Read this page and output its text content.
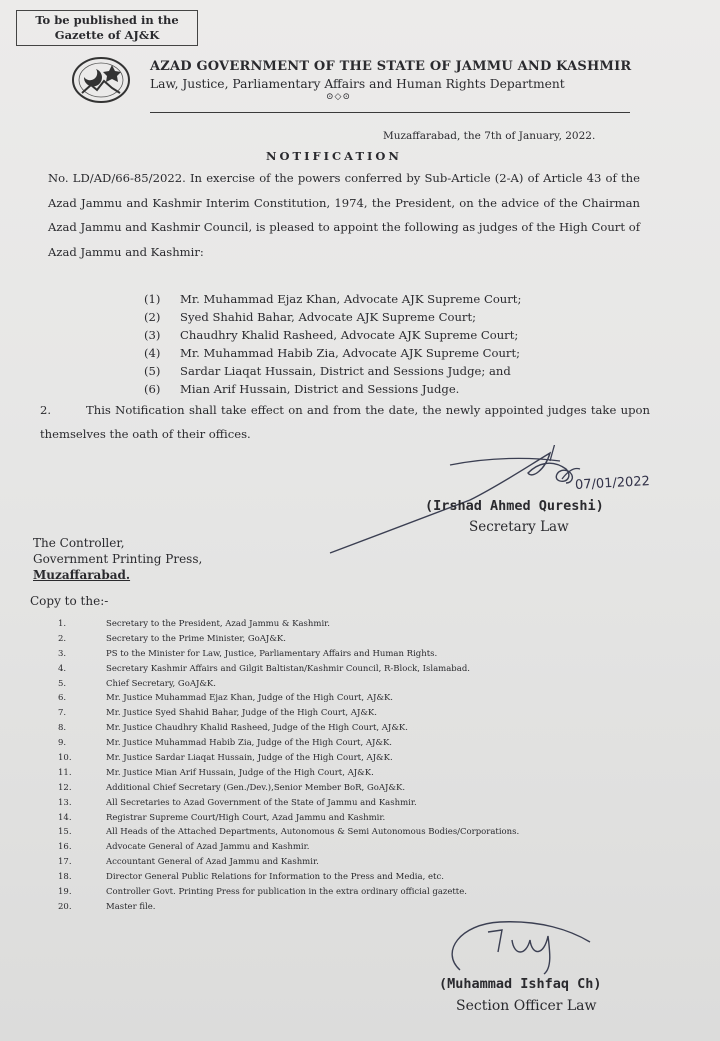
To be published in the
Gazette of AJ&K
AZAD GOVERNMENT OF THE STATE OF JAMMU AND KASHMIR
Law, Justice, Parliamentary Affairs and Human Rights Department
⊙◇⊙
Muzaffarabad, the 7th of January, 2022.
NOTIFICATION
No. LD/AD/66-85/2022. In exercise of the powers conferred by Sub-Article (2-A) of Article 43 of the Azad Jammu and Kashmir Interim Constitution, 1974, the President, on the advice of the Chairman Azad Jammu and Kashmir Council, is pleased to appoint the following as judges of the High Court of Azad Jammu and Kashmir:
(1) Mr. Muhammad Ejaz Khan, Advocate AJK Supreme Court;
(2) Syed Shahid Bahar, Advocate AJK Supreme Court;
(3) Chaudhry Khalid Rasheed, Advocate AJK Supreme Court;
(4) Mr. Muhammad Habib Zia, Advocate AJK Supreme Court;
(5) Sardar Liaqat Hussain, District and Sessions Judge; and
(6) Mian Arif Hussain, District and Sessions Judge.
2.	This Notification shall take effect on and from the date, the newly appointed judges take upon themselves the oath of their offices.
07/01/2022
(Irshad Ahmed Qureshi)
Secretary Law
The Controller,
Government Printing Press,
Muzaffarabad.
Copy to the:-
1.	Secretary to the President, Azad Jammu & Kashmir.
2.	Secretary to the Prime Minister, GoAJ&K.
3.	PS to the Minister for Law, Justice, Parliamentary Affairs and Human Rights.
4.	Secretary Kashmir Affairs and Gilgit Baltistan/Kashmir Council, R-Block, Islamabad.
5.	Chief Secretary, GoAJ&K.
6.	Mr. Justice Muhammad Ejaz Khan, Judge of the High Court, AJ&K.
7.	Mr. Justice Syed Shahid Bahar, Judge of the High Court, AJ&K.
8.	Mr. Justice Chaudhry Khalid Rasheed, Judge of the High Court, AJ&K.
9.	Mr. Justice Muhammad Habib Zia, Judge of the High Court, AJ&K.
10.	Mr. Justice Sardar Liaqat Hussain, Judge of the High Court, AJ&K.
11.	Mr. Justice Mian Arif Hussain, Judge of the High Court, AJ&K.
12.	Additional Chief Secretary (Gen./Dev.),Senior Member BoR, GoAJ&K.
13.	All Secretaries to Azad Government of the State of Jammu and Kashmir.
14.	Registrar Supreme Court/High Court, Azad Jammu and Kashmir.
15.	All Heads of the Attached Departments, Autonomous & Semi Autonomous Bodies/Corporations.
16.	Advocate General of Azad Jammu and Kashmir.
17.	Accountant General of Azad Jammu and Kashmir.
18.	Director General Public Relations for Information to the Press and Media, etc.
19.	Controller Govt. Printing Press for publication in the extra ordinary official gazette.
20.	Master file.
(Muhammad Ishfaq Ch)
Section Officer Law
